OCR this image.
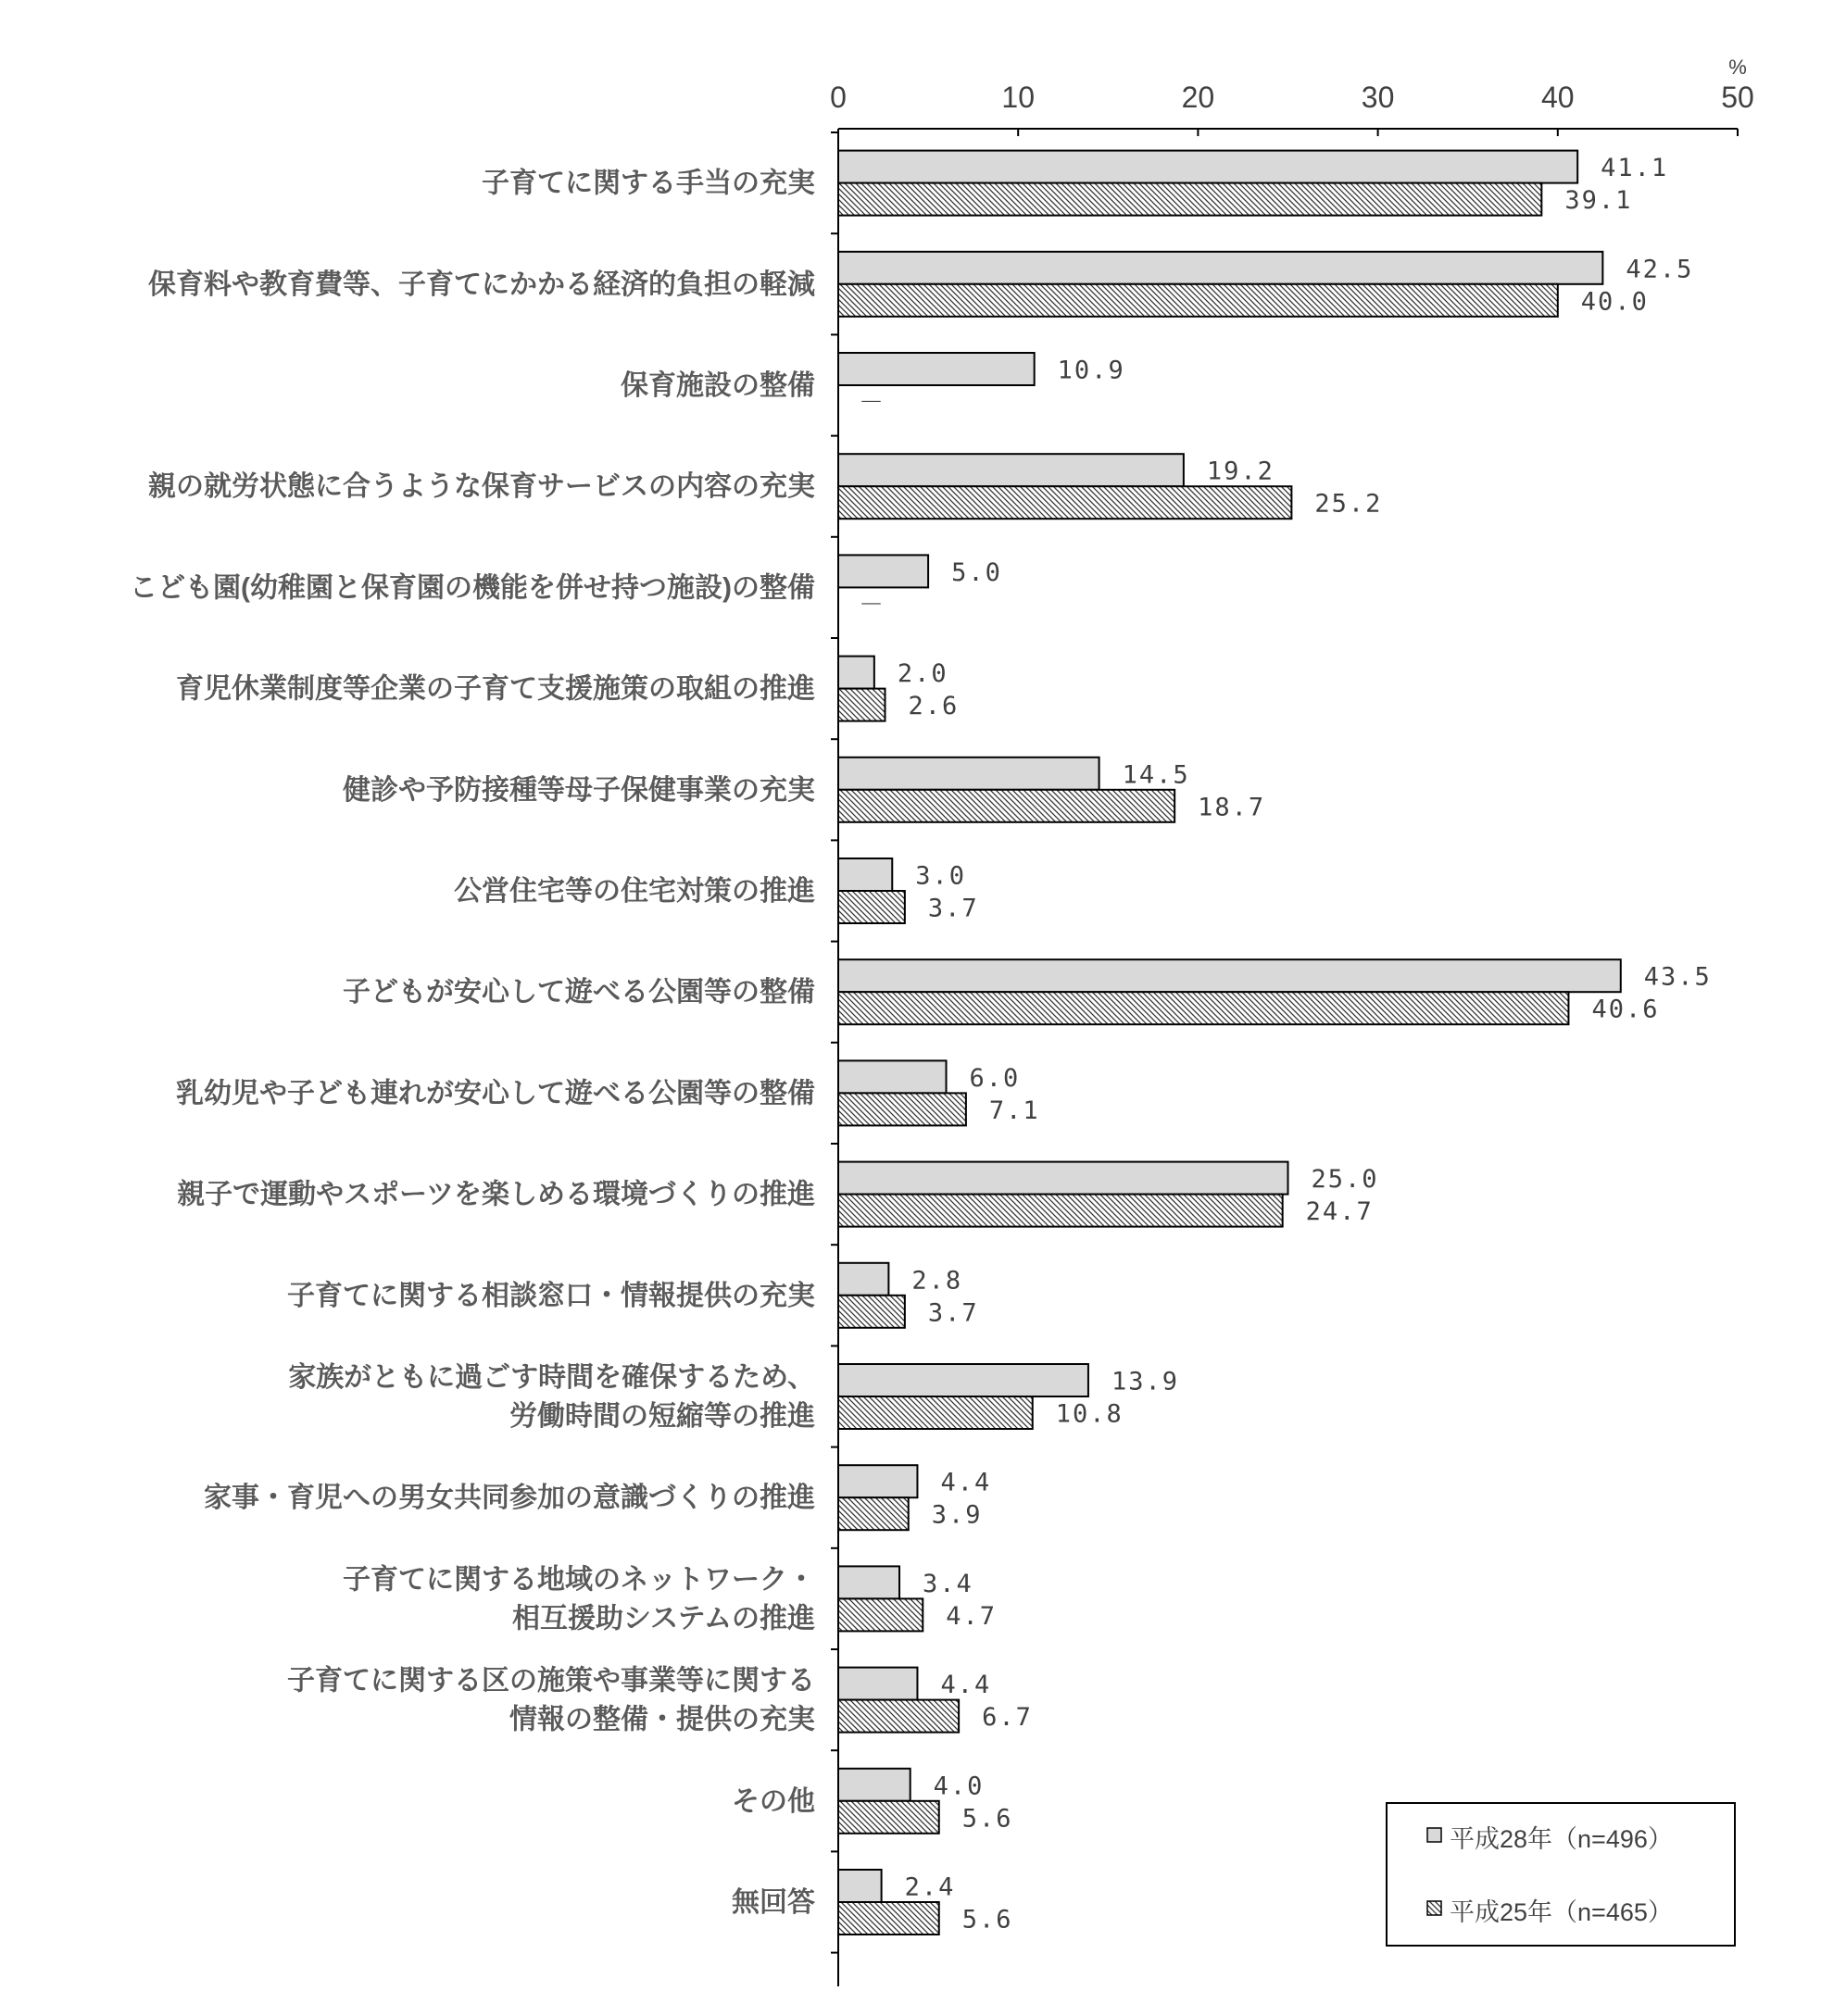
0	10	20	30	40	50
%
子育てに関する手当の充実	41.1
39.1
保育料や教育費等、子育てにかかる経済的負担の軽減	42.5
40.0
保育施設の整備	10.9
－
親の就労状態に合うような保育サービスの内容の充実	19.2
25.2
こども園(幼稚園と保育園の機能を併せ持つ施設)の整備	5.0
－
育児休業制度等企業の子育て支援施策の取組の推進	2.0
2.6
健診や予防接種等母子保健事業の充実	14.5
18.7
公営住宅等の住宅対策の推進	3.0
3.7
子どもが安心して遊べる公園等の整備	43.5
40.6
乳幼児や子ども連れが安心して遊べる公園等の整備	6.0
7.1
親子で運動やスポーツを楽しめる環境づくりの推進	25.0
24.7
子育てに関する相談窓口・情報提供の充実	2.8
3.7
家族がともに過ごす時間を確保するため、
労働時間の短縮等の推進
13.9
10.8
家事・育児への男女共同参加の意識づくりの推進	4.4
3.9
子育てに関する地域のネットワーク・
相互援助システムの推進
3.4
4.7
子育てに関する区の施策や事業等に関する
情報の整備・提供の充実
4.4
6.7
その他	4.0
5.6
無回答	2.4
5.6
平成28年（n=496）
平成25年（n=465）
